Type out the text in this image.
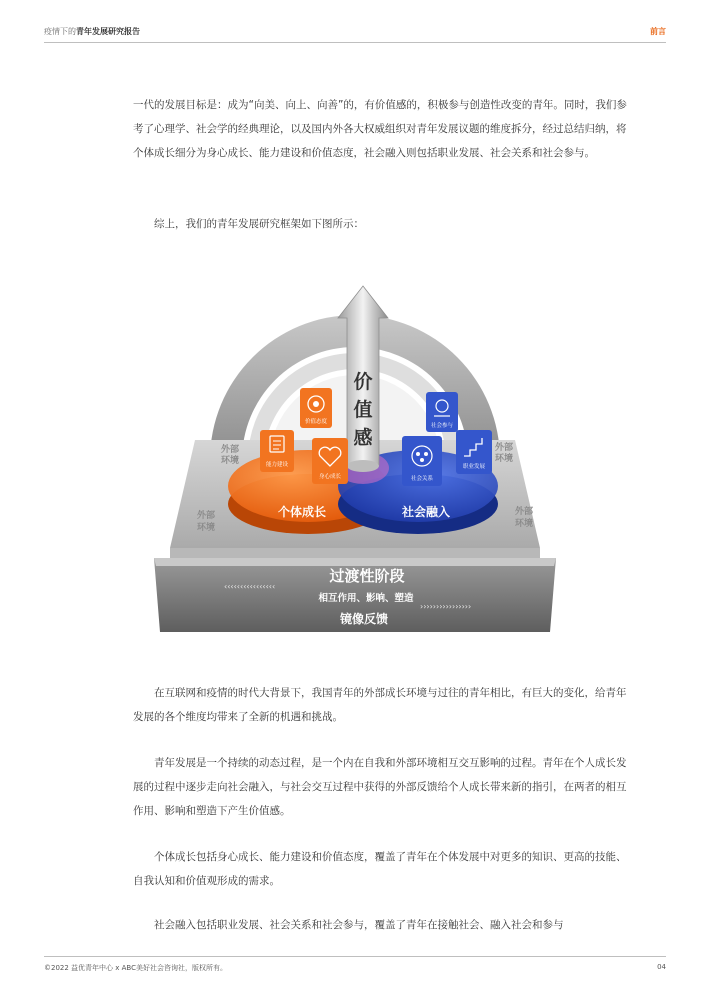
疫情下的青年发展研究报告	前言

一代的发展目标是：成为“向美、向上、向善”的，有价值感的，积极参与创造性改变的青年。同时，我们参考了心理学、社会学的经典理论，以及国内外各大权威组织对青年发展议题的维度拆分，经过总结归纳，将个体成长细分为身心成长、能力建设和价值态度，社会融入则包括职业发展、社会关系和社会参与。

综上，我们的青年发展研究框架如下图所示：

价
值
感
价值态度
能力建设
身心成长
社会参与
社会关系
职业发展
个体成长	社会融入
外部
环境
外部
环境
外部
环境
外部
环境
过渡性阶段
‹‹‹‹‹‹‹‹‹‹‹‹‹‹‹‹
相互作用、影响、塑造
››››››››››››››››
镜像反馈

在互联网和疫情的时代大背景下，我国青年的外部成长环境与过往的青年相比，有巨大的变化，给青年发展的各个维度均带来了全新的机遇和挑战。

青年发展是一个持续的动态过程，是一个内在自我和外部环境相互交互影响的过程。青年在个人成长发展的过程中逐步走向社会融入，与社会交互过程中获得的外部反馈给个人成长带来新的指引，在两者的相互作用、影响和塑造下产生价值感。

个体成长包括身心成长、能力建设和价值态度，覆盖了青年在个体发展中对更多的知识、更高的技能、自我认知和价值观形成的需求。

社会融入包括职业发展、社会关系和社会参与，覆盖了青年在接触社会、融入社会和参与

©2022 益优青年中心 x ABC美好社会咨询社，版权所有。	04
